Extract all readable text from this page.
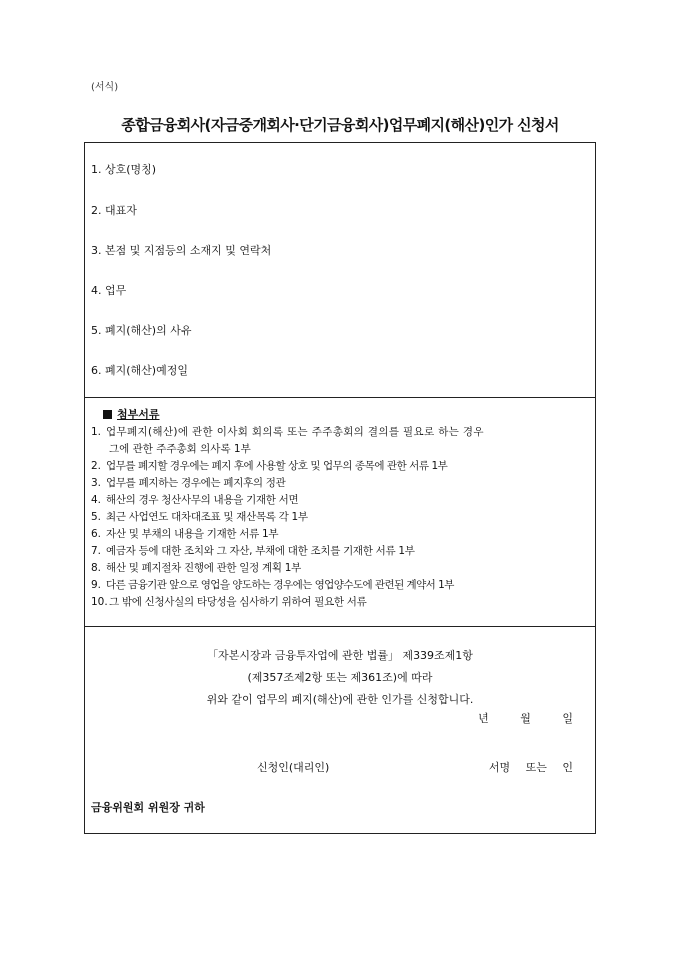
(서식)
종합금융회사(자금중개회사·단기금융회사)업무폐지(해산)인가 신청서
1. 상호(명칭)
2. 대표자
3. 본점 및 지점등의 소재지 및 연락처
4. 업무
5. 폐지(해산)의 사유
6. 폐지(해산)예정일
첨부서류
1. 업무폐지(해산)에 관한 이사회 회의록 또는 주주총회의 결의를 필요로 하는 경우
그에 관한 주주총회 의사록 1부
2. 업무를 폐지할 경우에는 폐지 후에 사용할 상호 및 업무의 종목에 관한 서류 1부
3. 업무를 폐지하는 경우에는 폐지후의 정관
4. 해산의 경우 청산사무의 내용을 기재한 서면
5. 최근 사업연도 대차대조표 및 재산목록 각 1부
6. 자산 및 부채의 내용을 기재한 서류 1부
7. 예금자 등에 대한 조치와 그 자산, 부채에 대한 조치를 기재한 서류 1부
8. 해산 및 폐지절차 진행에 관한 일정 계획 1부
9. 다른 금융기관 앞으로 영업을 양도하는 경우에는 영업양수도에 관련된 계약서 1부
10. 그 밖에 신청사실의 타당성을 심사하기 위하여 필요한 서류
「자본시장과 금융투자업에 관한 법률」 제339조제1항
(제357조제2항 또는 제361조)에 따라
위와 같이 업무의 폐지(해산)에 관한 인가를 신청합니다.
년	월	일
신청인(대리인)	서명 또는 인
금융위원회 위원장 귀하
